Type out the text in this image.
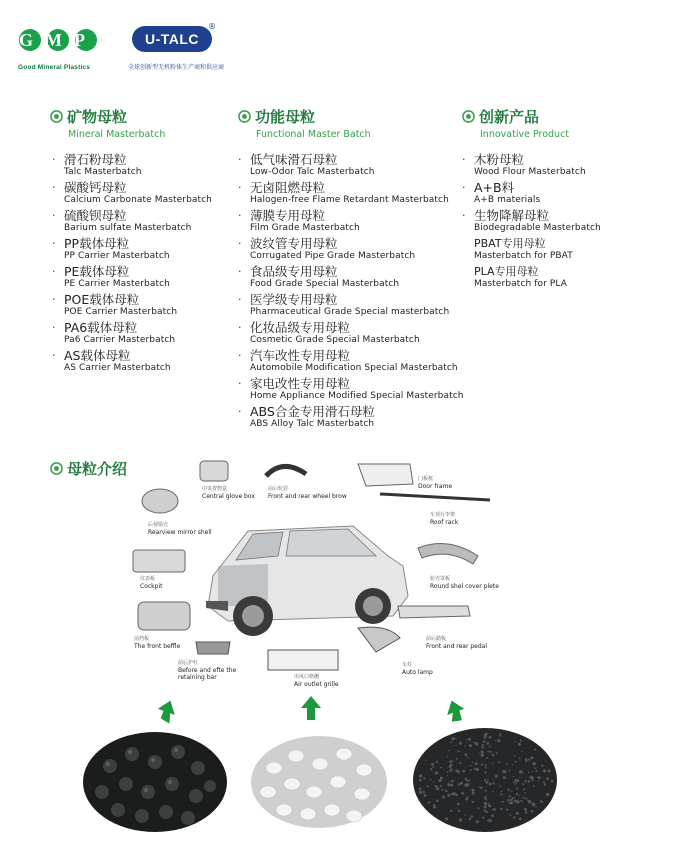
GMP
Good Mineral Plastics
U-TALC
®
全球创新型无机粉体生产商和供应商
矿物母粒
Mineral Masterbatch
· 滑石粉母粒
Talc Masterbatch
· 碳酸钙母粒
Calcium Carbonate Masterbatch
· 硫酸钡母粒
Barium sulfate Masterbatch
· PP载体母粒
PP Carrier Masterbatch
· PE载体母粒
PE Carrier Masterbatch
· POE载体母粒
POE Carrier Masterbatch
· PA6载体母粒
Pa6 Carrier Masterbatch
· AS载体母粒
AS Carrier Masterbatch
功能母粒
Functional Master Batch
· 低气味滑石母粒
Low-Odor Talc Masterbatch
· 无卤阻燃母粒
Halogen-free Flame Retardant Masterbatch
· 薄膜专用母粒
Film Grade Masterbatch
· 波纹管专用母粒
Corrugated Pipe Grade Masterbatch
· 食品级专用母粒
Food Grade Special Masterbatch
· 医学级专用母粒
Pharmaceutical Grade Special masterbatch
· 化妆品级专用母粒
Cosmetic Grade Special Masterbatch
· 汽车改性专用母粒
Automobile Modification Special Masterbatch
· 家电改性专用母粒
Home Appliance Modified Special Masterbatch
· ABS合金专用滑石母粒
ABS Alloy Talc Masterbatch
创新产品
Innovative Product
· 木粉母粒
Wood Flour Masterbatch
· A+B料
A+B materials
· 生物降解母粒
Biodegradable Masterbatch
PBAT专用母粒
Masterbatch for PBAT
PLA专用母粒
Masterbatch for PLA
母粒介绍
中央置物盒
Central glove box
前后轮眉
Front and rear wheel brow
门板框
Door frame
车顶行李架
Roof rack
后视镜壳
Rearview mirror shell
仪表板
Cockpit
轮壳罩板
Round shel cover plete
前挡板
The front beffle
前后踏板
Front and rear pedal
前后护杠
Before and efte the retaining bar	出风口格栅
Air outlet grille
车灯
Auto lamp
